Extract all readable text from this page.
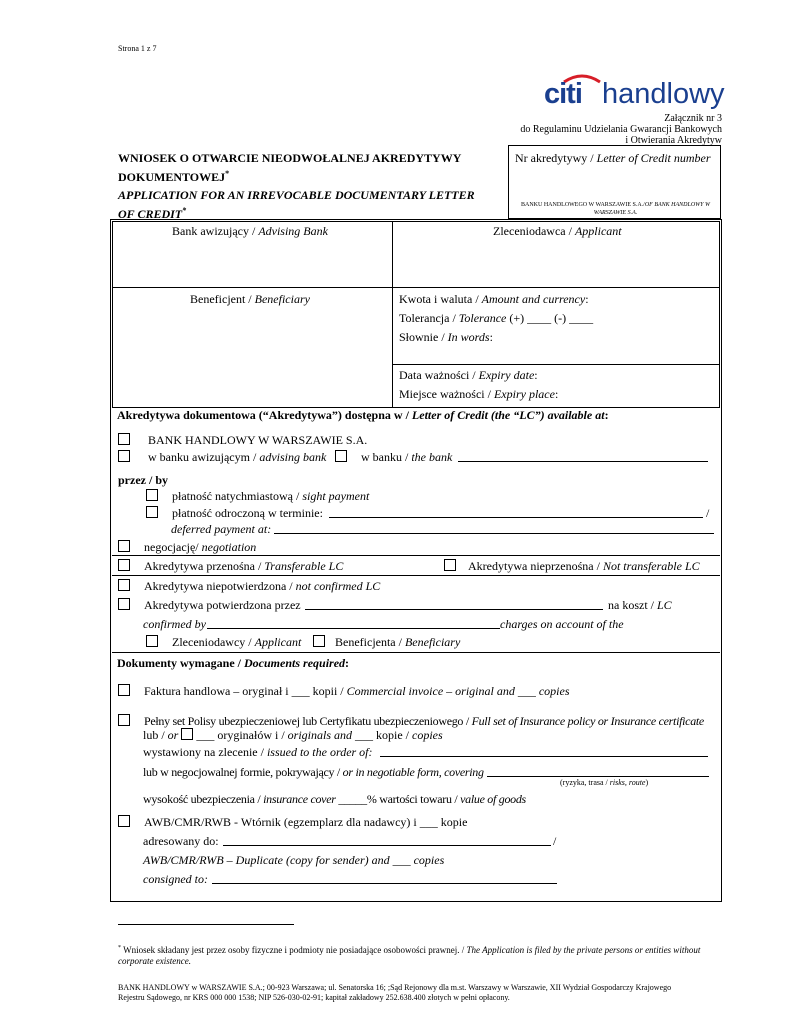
Strona 1 z 7
citi handlowy
Załącznik nr 3
do Regulaminu Udzielania Gwarancji Bankowych
i Otwierania Akredytyw
WNIOSEK O OTWARCIE NIEODWOŁALNEJ AKREDYTYWY
DOKUMENTOWEJ*
APPLICATION FOR AN IRREVOCABLE DOCUMENTARY LETTER
OF CREDIT*
Nr akredytywy / Letter of Credit number
BANKU HANDLOWEGO W WARSZAWIE S.A./OF BANK HANDLOWY W WARSZAWIE S.A.
Bank awizujący / Advising Bank	Zleceniodawca / Applicant
Beneficjent / Beneficiary	Kwota i waluta / Amount and currency:
Tolerancja / Tolerance (+) ____ (-) ____
Słownie / In words:
Data ważności / Expiry date:
Miejsce ważności / Expiry place:
Akredytywa dokumentowa (“Akredytywa”) dostępna w / Letter of Credit (the “LC”) available at:
BANK HANDLOWY W WARSZAWIE S.A.
w banku awizującym / advising bank	w banku / the bank
przez / by
płatność natychmiastową / sight payment
płatność odroczoną w terminie:	/
deferred payment at:
negocjację/ negotiation
Akredytywa przenośna / Transferable LC	Akredytywa nieprzenośna / Not transferable LC
Akredytywa niepotwierdzona / not confirmed LC
Akredytywa potwierdzona przez	na koszt / LC
confirmed by	charges on account of the
Zleceniodawcy / Applicant	Beneficjenta / Beneficiary
Dokumenty wymagane / Documents required:
Faktura handlowa – oryginał i ___ kopii / Commercial invoice – original and ___ copies
Pełny set Polisy ubezpieczeniowej lub Certyfikatu ubezpieczeniowego / Full set of Insurance policy or Insurance certificate
lub / or ___ oryginałów i / originals and ___ kopie / copies
wystawiony na zlecenie / issued to the order of:
lub w negocjowalnej formie, pokrywający / or in negotiable form, covering
(ryzyka, trasa / risks, route)
wysokość ubezpieczenia / insurance cover _____% wartości towaru / value of goods
AWB/CMR/RWB - Wtórnik (egzemplarz dla nadawcy) i ___ kopie
adresowany do:	/
AWB/CMR/RWB – Duplicate (copy for sender) and ___ copies
consigned to:
* Wniosek składany jest przez osoby fizyczne i podmioty nie posiadające osobowości prawnej. / The Application is filed by the private persons or entities without corporate existence.
BANK HANDLOWY w WARSZAWIE S.A.; 00-923 Warszawa; ul. Senatorska 16; ;Sąd Rejonowy dla m.st. Warszawy w Warszawie, XII Wydział Gospodarczy Krajowego
Rejestru Sądowego, nr KRS 000 000 1538; NIP 526-030-02-91; kapitał zakładowy 252.638.400 złotych w pełni opłacony.
